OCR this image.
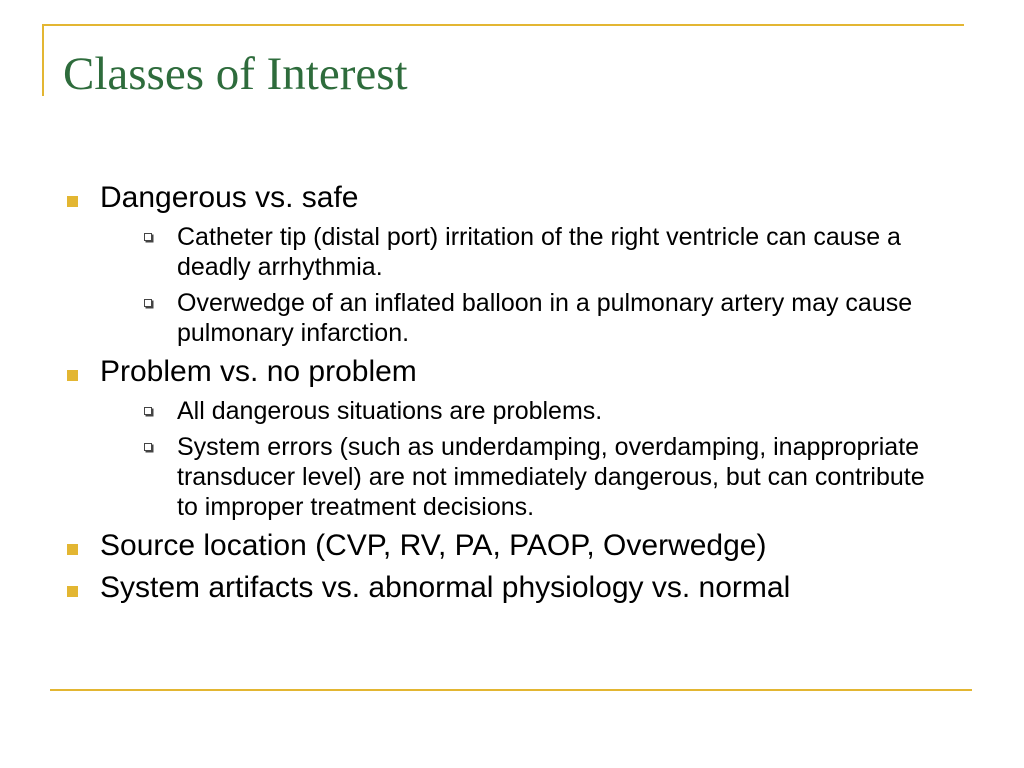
Classes of Interest
Dangerous vs. safe
Catheter tip (distal port) irritation of the right ventricle can cause a deadly arrhythmia.
Overwedge of an inflated balloon in a pulmonary artery may cause pulmonary infarction.
Problem vs. no problem
All dangerous situations are problems.
System errors (such as underdamping, overdamping, inappropriate transducer level) are not immediately dangerous, but can contribute to improper treatment decisions.
Source location (CVP, RV, PA, PAOP, Overwedge)
System artifacts vs. abnormal physiology vs. normal
